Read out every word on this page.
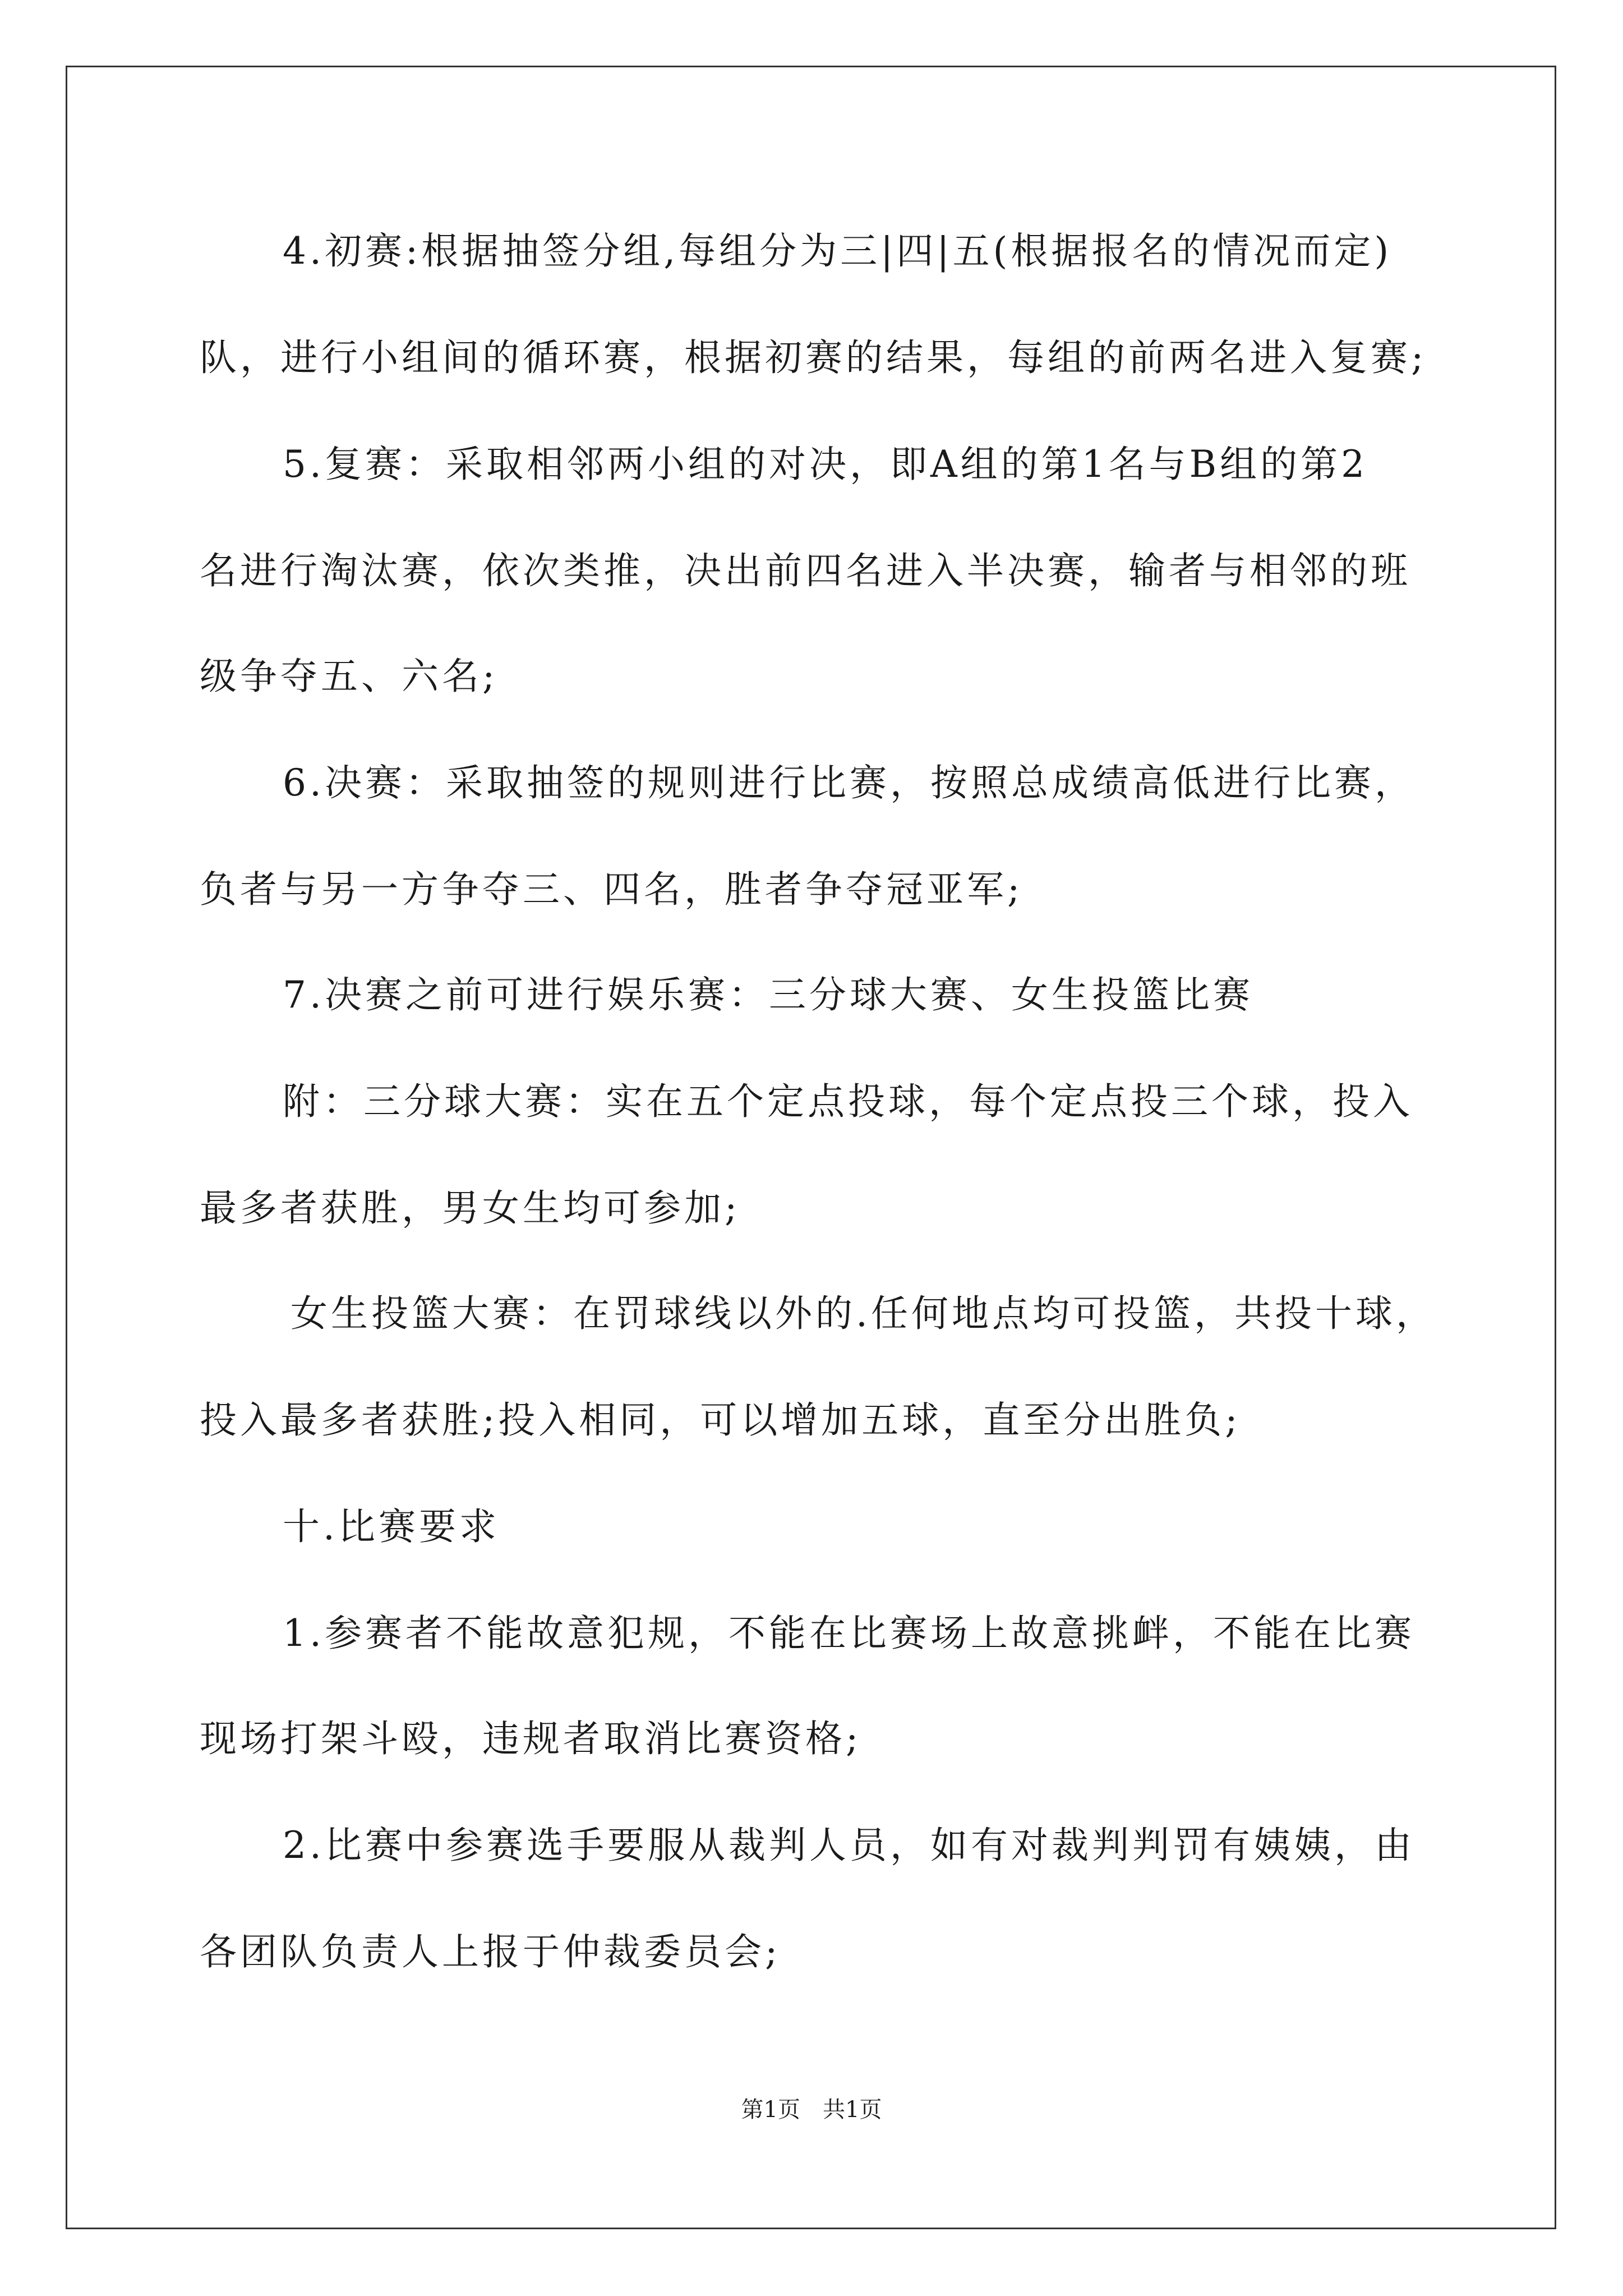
4.初赛:根据抽签分组,每组分为三|四|五(根据报名的情况而定)
队，进行小组间的循环赛，根据初赛的结果，每组的前两名进入复赛;
5.复赛：采取相邻两小组的对决，即A组的第1名与B组的第2
名进行淘汰赛，依次类推，决出前四名进入半决赛，输者与相邻的班
级争夺五、六名;
6.决赛：采取抽签的规则进行比赛，按照总成绩高低进行比赛，
负者与另一方争夺三、四名，胜者争夺冠亚军;
7.决赛之前可进行娱乐赛：三分球大赛、女生投篮比赛
附：三分球大赛：实在五个定点投球，每个定点投三个球，投入
最多者获胜，男女生均可参加;
女生投篮大赛：在罚球线以外的.任何地点均可投篮，共投十球，
投入最多者获胜;投入相同，可以增加五球，直至分出胜负;
十.比赛要求
1.参赛者不能故意犯规，不能在比赛场上故意挑衅，不能在比赛
现场打架斗殴，违规者取消比赛资格;
2.比赛中参赛选手要服从裁判人员，如有对裁判判罚有姨姨，由
各团队负责人上报于仲裁委员会;
第1页　共1页
